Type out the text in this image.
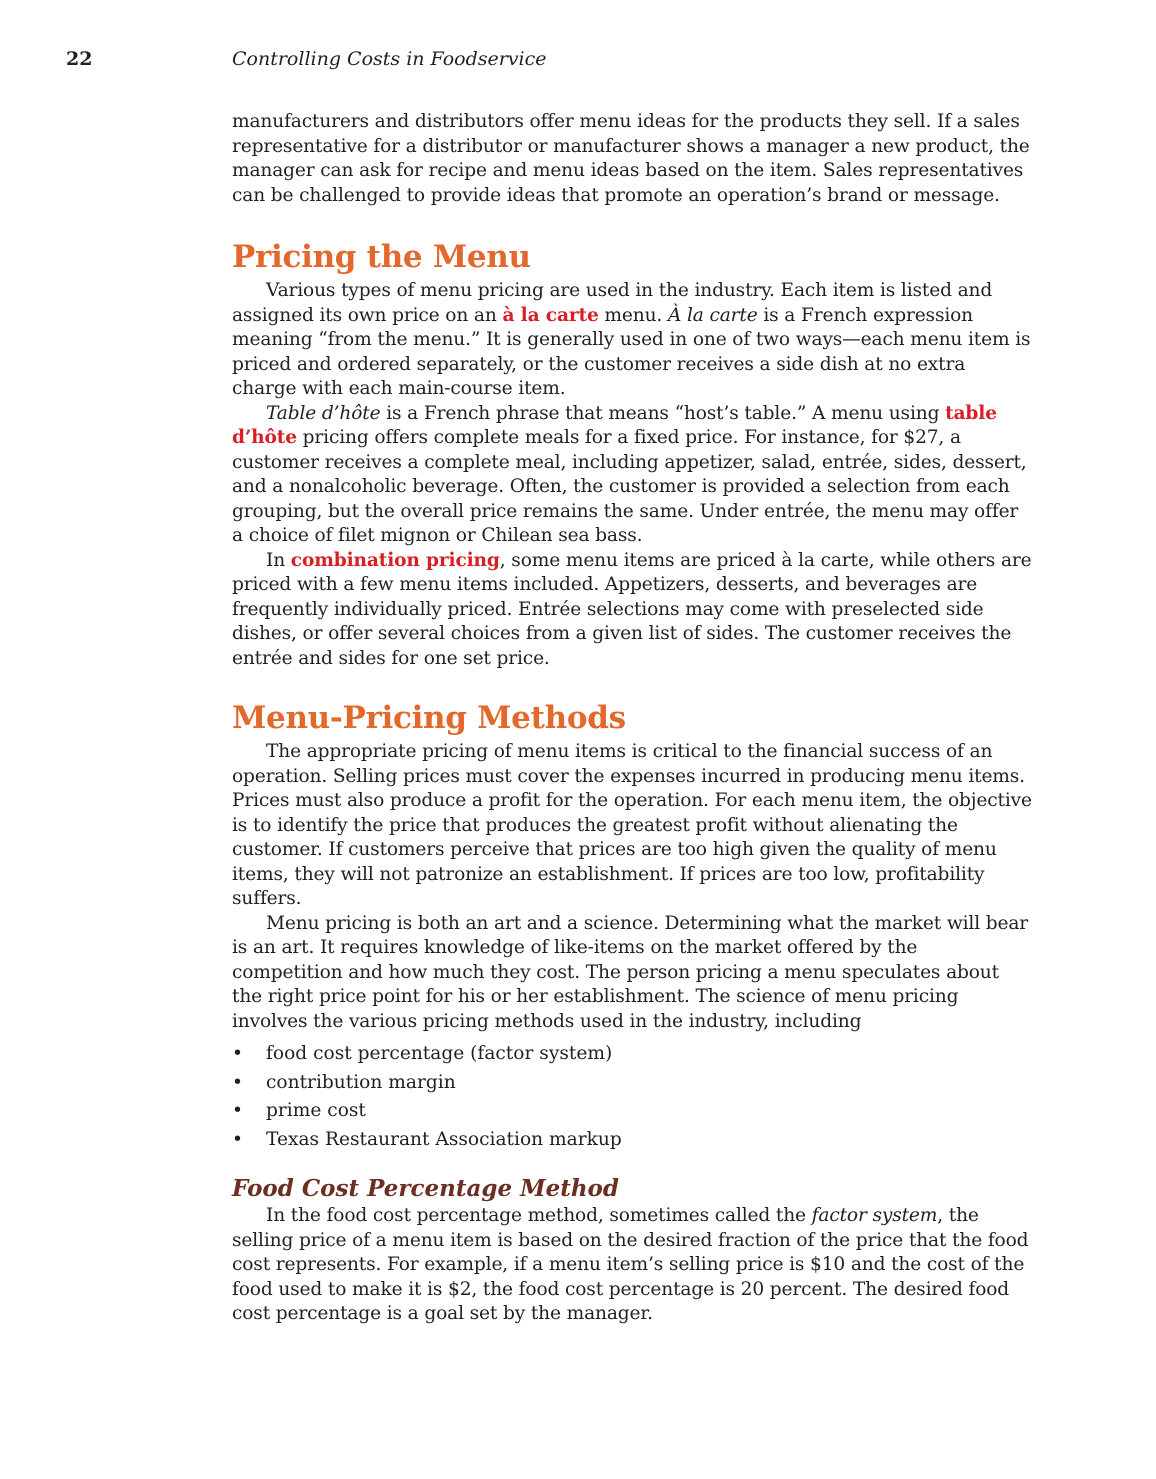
22	Controlling Costs in Foodservice

manufacturers and distributors offer menu ideas for the products they sell. If a sales representative for a distributor or manufacturer shows a manager a new product, the manager can ask for recipe and menu ideas based on the item. Sales representatives can be challenged to provide ideas that promote an operation’s brand or message.

Pricing the Menu

Various types of menu pricing are used in the industry. Each item is listed and assigned its own price on an à la carte menu. À la carte is a French expression meaning “from the menu.” It is generally used in one of two ways—each menu item is priced and ordered separately, or the customer receives a side dish at no extra charge with each main-course item.

Table d’hôte is a French phrase that means “host’s table.” A menu using table d’hôte pricing offers complete meals for a fixed price. For instance, for $27, a customer receives a complete meal, including appetizer, salad, entrée, sides, dessert, and a nonalcoholic beverage. Often, the customer is provided a selection from each grouping, but the overall price remains the same. Under entrée, the menu may offer a choice of filet mignon or Chilean sea bass.

In combination pricing, some menu items are priced à la carte, while others are priced with a few menu items included. Appetizers, desserts, and beverages are frequently individually priced. Entrée selections may come with preselected side dishes, or offer several choices from a given list of sides. The customer receives the entrée and sides for one set price.

Menu-Pricing Methods

The appropriate pricing of menu items is critical to the financial success of an operation. Selling prices must cover the expenses incurred in producing menu items. Prices must also produce a profit for the operation. For each menu item, the objective is to identify the price that produces the greatest profit without alienating the customer. If customers perceive that prices are too high given the quality of menu items, they will not patronize an establishment. If prices are too low, profitability suffers.

Menu pricing is both an art and a science. Determining what the market will bear is an art. It requires knowledge of like-items on the market offered by the competition and how much they cost. The person pricing a menu speculates about the right price point for his or her establishment. The science of menu pricing involves the various pricing methods used in the industry, including

• food cost percentage (factor system)
• contribution margin
• prime cost
• Texas Restaurant Association markup
Food Cost Percentage Method

In the food cost percentage method, sometimes called the factor system, the selling price of a menu item is based on the desired fraction of the price that the food cost represents. For example, if a menu item’s selling price is $10 and the cost of the food used to make it is $2, the food cost percentage is 20 percent. The desired food cost percentage is a goal set by the manager.
